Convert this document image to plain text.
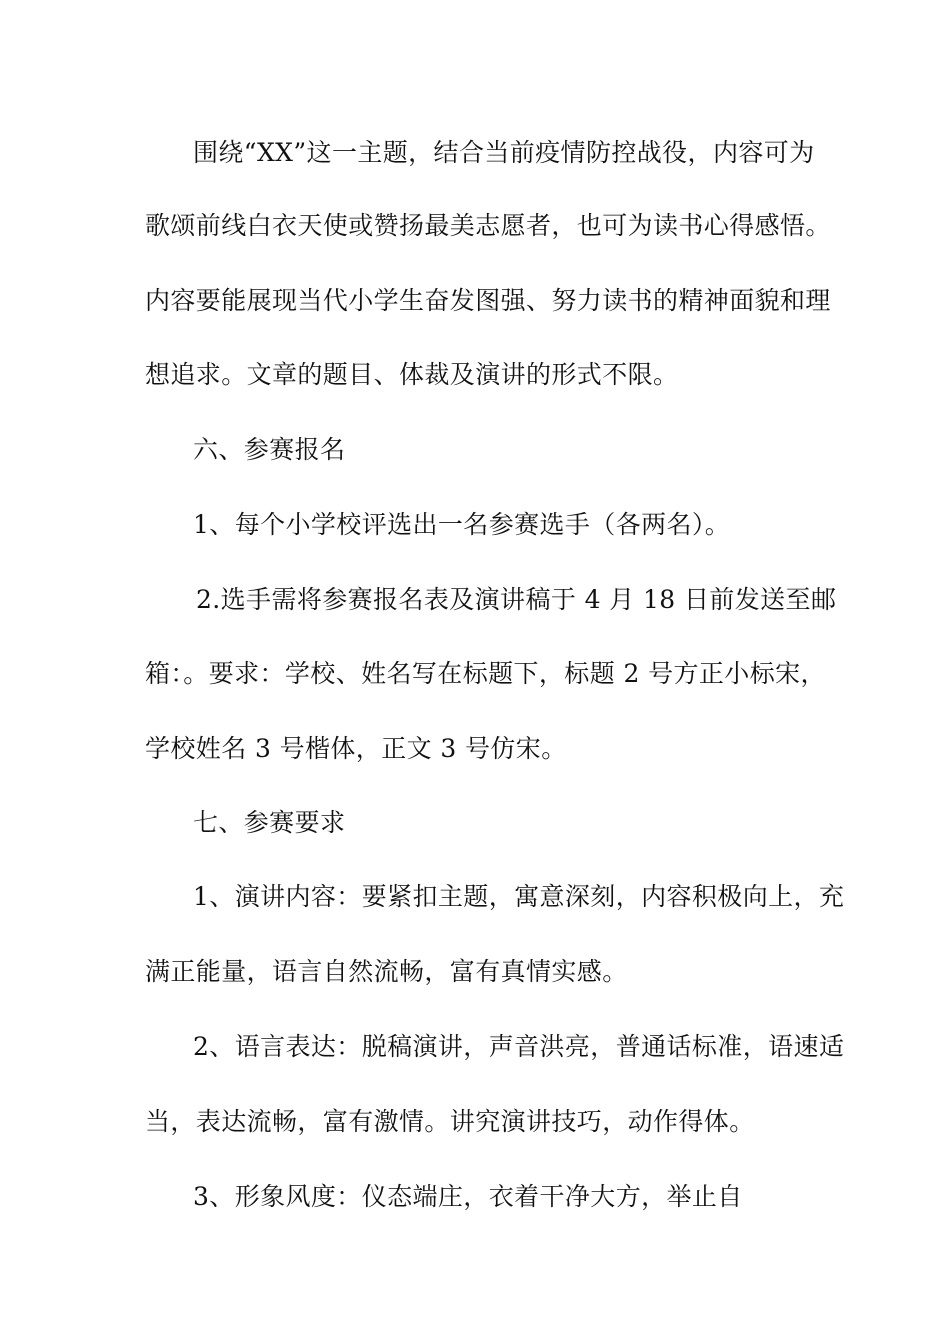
围绕“XX”这一主题，结合当前疫情防控战役，内容可为
歌颂前线白衣天使或赞扬最美志愿者，也可为读书心得感悟。
内容要能展现当代小学生奋发图强、努力读书的精神面貌和理
想追求。文章的题目、体裁及演讲的形式不限。
六、参赛报名
1、每个小学校评选出一名参赛选手（各两名）。
2.选手需将参赛报名表及演讲稿于 4 月 18 日前发送至邮
箱：。要求：学校、姓名写在标题下，标题 2 号方正小标宋，
学校姓名 3 号楷体，正文 3 号仿宋。
七、参赛要求
1、演讲内容：要紧扣主题，寓意深刻，内容积极向上，充
满正能量，语言自然流畅，富有真情实感。
2、语言表达：脱稿演讲，声音洪亮，普通话标准，语速适
当，表达流畅，富有激情。讲究演讲技巧，动作得体。
3、形象风度：仪态端庄，衣着干净大方，举止自
